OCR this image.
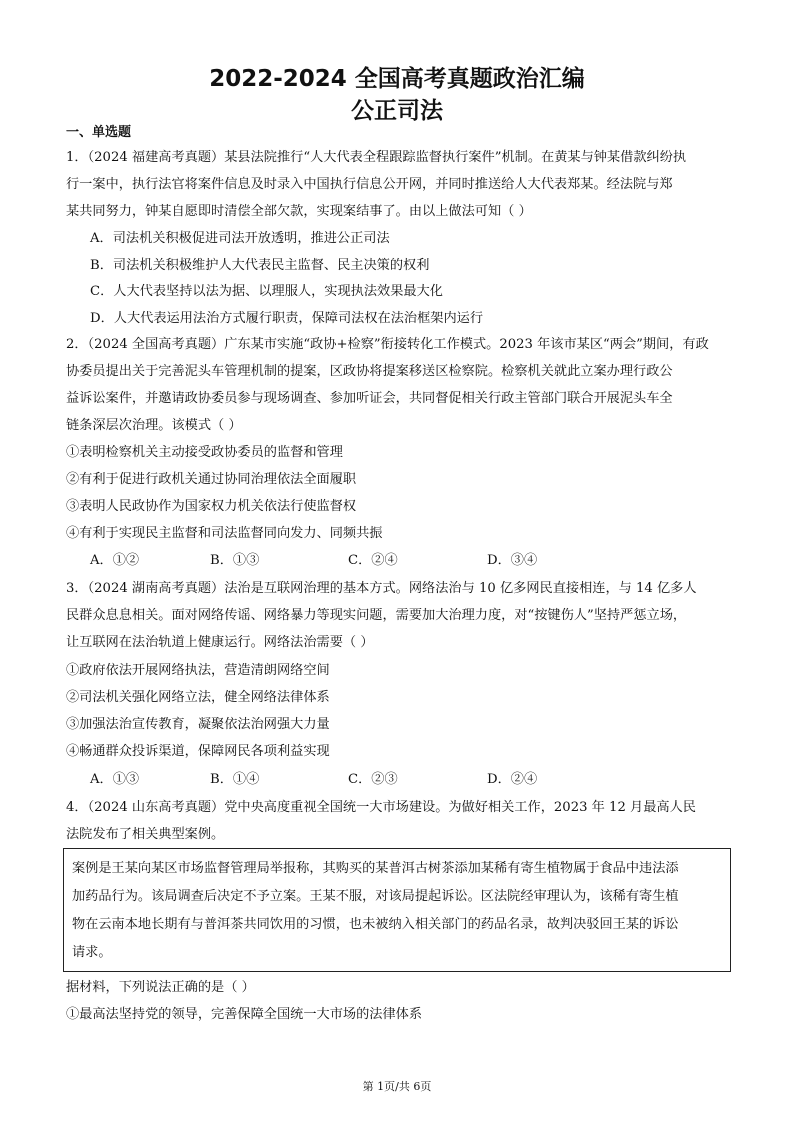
2022-2024 全国高考真题政治汇编
公正司法
一、单选题
1．（2024 福建高考真题）某县法院推行“人大代表全程跟踪监督执行案件”机制。在黄某与钟某借款纠纷执
行一案中，执行法官将案件信息及时录入中国执行信息公开网，并同时推送给人大代表郑某。经法院与郑
某共同努力，钟某自愿即时清偿全部欠款，实现案结事了。由以上做法可知（ ）
A．司法机关积极促进司法开放透明，推进公正司法
B．司法机关积极维护人大代表民主监督、民主决策的权利
C．人大代表坚持以法为据、以理服人，实现执法效果最大化
D．人大代表运用法治方式履行职责，保障司法权在法治框架内运行
2．（2024 全国高考真题）广东某市实施“政协+检察”衔接转化工作模式。2023 年该市某区“两会”期间，有政
协委员提出关于完善泥头车管理机制的提案，区政协将提案移送区检察院。检察机关就此立案办理行政公
益诉讼案件，并邀请政协委员参与现场调查、参加听证会，共同督促相关行政主管部门联合开展泥头车全
链条深层次治理。该模式（ ）
①表明检察机关主动接受政协委员的监督和管理
②有利于促进行政机关通过协同治理依法全面履职
③表明人民政协作为国家权力机关依法行使监督权
④有利于实现民主监督和司法监督同向发力、同频共振
A．①②	B．①③	C．②④	D．③④
3．（2024 湖南高考真题）法治是互联网治理的基本方式。网络法治与 10 亿多网民直接相连，与 14 亿多人
民群众息息相关。面对网络传谣、网络暴力等现实问题，需要加大治理力度，对“按键伤人”坚持严惩立场，
让互联网在法治轨道上健康运行。网络法治需要（ ）
①政府依法开展网络执法，营造清朗网络空间
②司法机关强化网络立法，健全网络法律体系
③加强法治宣传教育，凝聚依法治网强大力量
④畅通群众投诉渠道，保障网民各项利益实现
A．①③	B．①④	C．②③	D．②④
4．（2024 山东高考真题）党中央高度重视全国统一大市场建设。为做好相关工作，2023 年 12 月最高人民
法院发布了相关典型案例。
案例是王某向某区市场监督管理局举报称，其购买的某普洱古树茶添加某稀有寄生植物属于食品中违法添
加药品行为。该局调查后决定不予立案。王某不服，对该局提起诉讼。区法院经审理认为，该稀有寄生植
物在云南本地长期有与普洱茶共同饮用的习惯，也未被纳入相关部门的药品名录，故判决驳回王某的诉讼
请求。
据材料，下列说法正确的是（ ）
①最高法坚持党的领导，完善保障全国统一大市场的法律体系
第 1页/共 6页
